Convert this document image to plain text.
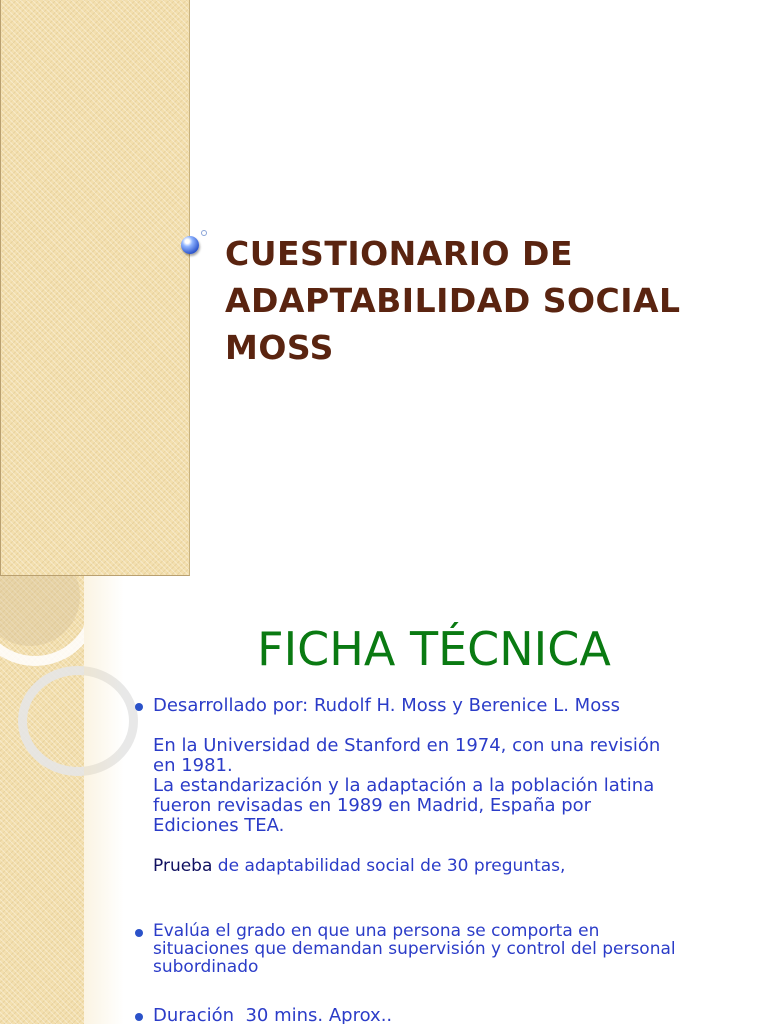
CUESTIONARIO DE
ADAPTABILIDAD SOCIAL
MOSS
FICHA TÉCNICA

Desarrollado por: Rudolf H. Moss y Berenice L. Moss

En la Universidad de Stanford en 1974, con una revisión
en 1981.
La estandarización y la adaptación a la población latina
fueron revisadas en 1989 en Madrid, España por
Ediciones TEA.

Prueba de adaptabilidad social de 30 preguntas,

Evalúa el grado en que una persona se comporta en
situaciones que demandan supervisión y control del personal
subordinado

Duración  30 mins. Aprox..
